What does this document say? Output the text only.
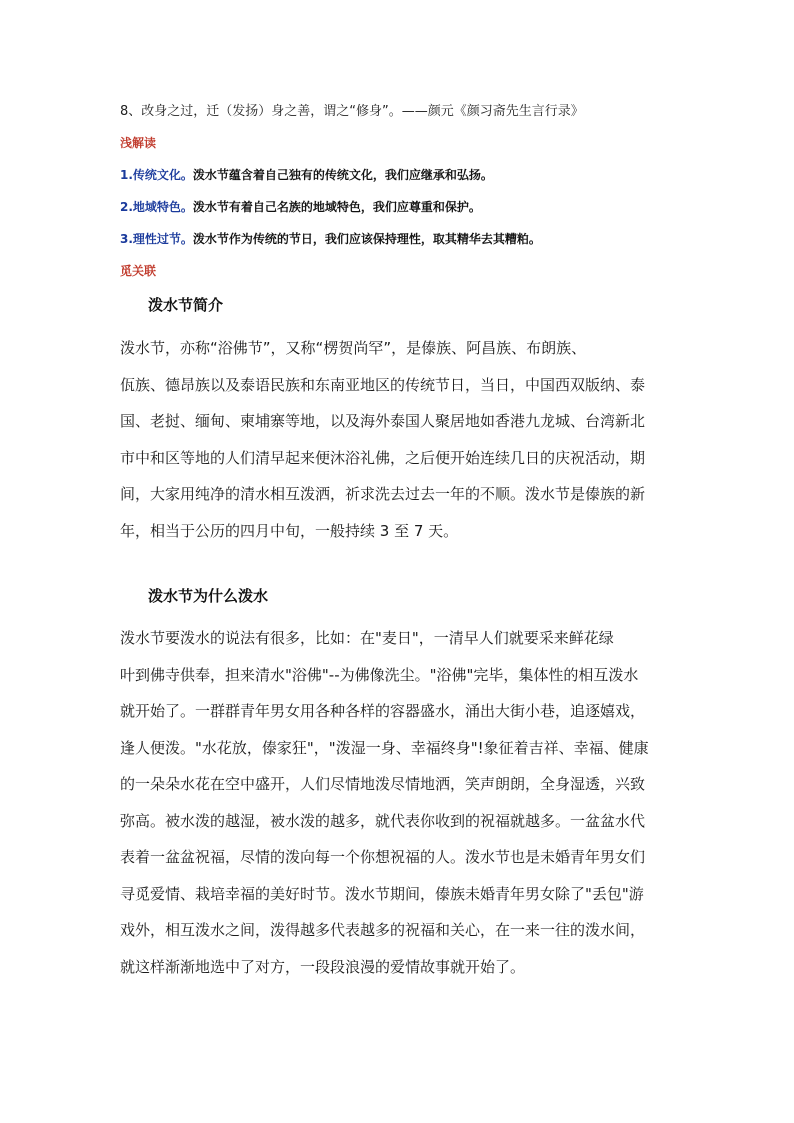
8、改身之过，迁（发扬）身之善，谓之“修身”。——颜元《颜习斋先生言行录》
浅解读
1.传统文化。泼水节蕴含着自己独有的传统文化，我们应继承和弘扬。
2.地域特色。泼水节有着自己名族的地域特色，我们应尊重和保护。
3.理性过节。泼水节作为传统的节日，我们应该保持理性，取其精华去其糟粕。
觅关联
泼水节简介
泼水节，亦称“浴佛节”，又称“楞贺尚罕”，是傣族、阿昌族、布朗族、
佤族、德昂族以及泰语民族和东南亚地区的传统节日，当日，中国西双版纳、泰
国、老挝、缅甸、柬埔寨等地，以及海外泰国人聚居地如香港九龙城、台湾新北
市中和区等地的人们清早起来便沐浴礼佛，之后便开始连续几日的庆祝活动，期
间，大家用纯净的清水相互泼洒，祈求洗去过去一年的不顺。泼水节是傣族的新
年，相当于公历的四月中旬，一般持续 3 至 7 天。
泼水节为什么泼水
泼水节要泼水的说法有很多，比如：在"麦日"，一清早人们就要采来鲜花绿
叶到佛寺供奉，担来清水"浴佛"--为佛像洗尘。"浴佛"完毕，集体性的相互泼水
就开始了。一群群青年男女用各种各样的容器盛水，涌出大街小巷，追逐嬉戏，
逢人便泼。"水花放，傣家狂"，"泼湿一身、幸福终身"!象征着吉祥、幸福、健康
的一朵朵水花在空中盛开，人们尽情地泼尽情地洒，笑声朗朗，全身湿透，兴致
弥高。被水泼的越湿，被水泼的越多，就代表你收到的祝福就越多。一盆盆水代
表着一盆盆祝福，尽情的泼向每一个你想祝福的人。泼水节也是未婚青年男女们
寻觅爱情、栽培幸福的美好时节。泼水节期间，傣族未婚青年男女除了"丢包"游
戏外，相互泼水之间，泼得越多代表越多的祝福和关心，在一来一往的泼水间，
就这样渐渐地选中了对方，一段段浪漫的爱情故事就开始了。
